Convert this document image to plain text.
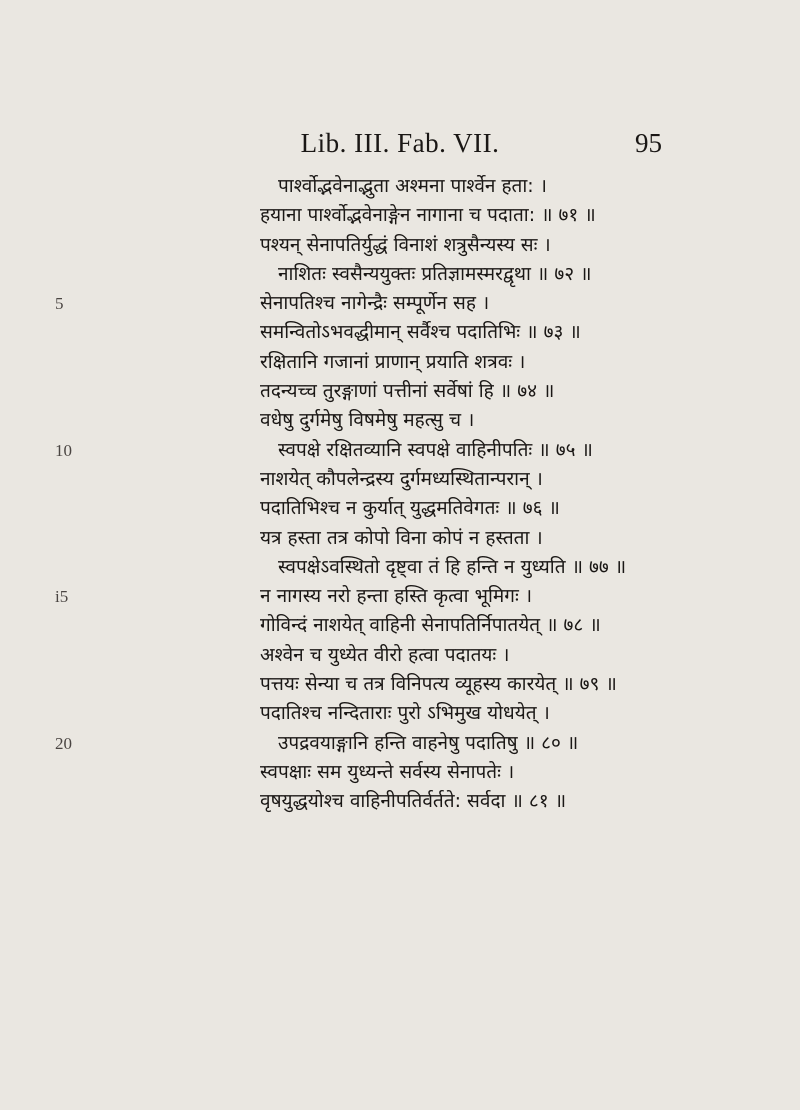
Lib. III. Fab. VII.	95
पार्श्वोद्भवेनाद्भुता अश्मना पार्श्वेन हता: ।
हयाना पार्श्वोद्भवेनाङ्गेन नागाना च पदाता: ॥ ७१ ॥
पश्यन् सेनापतिर्युद्धं विनाशं शत्रुसैन्यस्य सः ।
नाशितः स्वसैन्ययुक्तः प्रतिज्ञामस्मरद्वृथा ॥ ७२ ॥
5	सेनापतिश्च नागेन्द्रैः सम्पूर्णेन सह ।
समन्वितोऽभवद्धीमान् सर्वैश्च पदातिभिः ॥ ७३ ॥
रक्षितानि गजानां प्राणान् प्रयाति शत्रवः ।
तदन्यच्च तुरङ्गाणां पत्तीनां सर्वेषां हि ॥ ७४ ॥
वधेषु दुर्गमेषु विषमेषु महत्सु च ।
10	स्वपक्षे रक्षितव्यानि स्वपक्षे वाहिनीपतिः ॥ ७५ ॥
नाशयेत् कौपलेन्द्रस्य दुर्गमध्यस्थितान्परान् ।
पदातिभिश्च न कुर्यात् युद्धमतिवेगतः ॥ ७६ ॥
यत्र हस्ता तत्र कोपो विना कोपं न हस्तता ।
स्वपक्षेऽवस्थितो दृष्ट्वा तं हि हन्ति न युध्यति ॥ ७७ ॥
i5	न नागस्य नरो हन्ता हस्ति कृत्वा भूमिगः ।
गोविन्दं नाशयेत् वाहिनी सेनापतिर्निपातयेत् ॥ ७८ ॥
अश्वेन च युध्येत वीरो हत्वा पदातयः ।
पत्तयः सेन्या च तत्र विनिपत्य व्यूहस्य कारयेत् ॥ ७९ ॥
पदातिश्च नन्दिताराः पुरो ऽभिमुख योधयेत् ।
20	उपद्रवयाङ्गानि हन्ति वाहनेषु पदातिषु ॥ ८० ॥
स्वपक्षाः सम युध्यन्ते सर्वस्य सेनापतेः ।
वृषयुद्धयोश्च वाहिनीपतिर्वर्तते: सर्वदा ॥ ८१ ॥
